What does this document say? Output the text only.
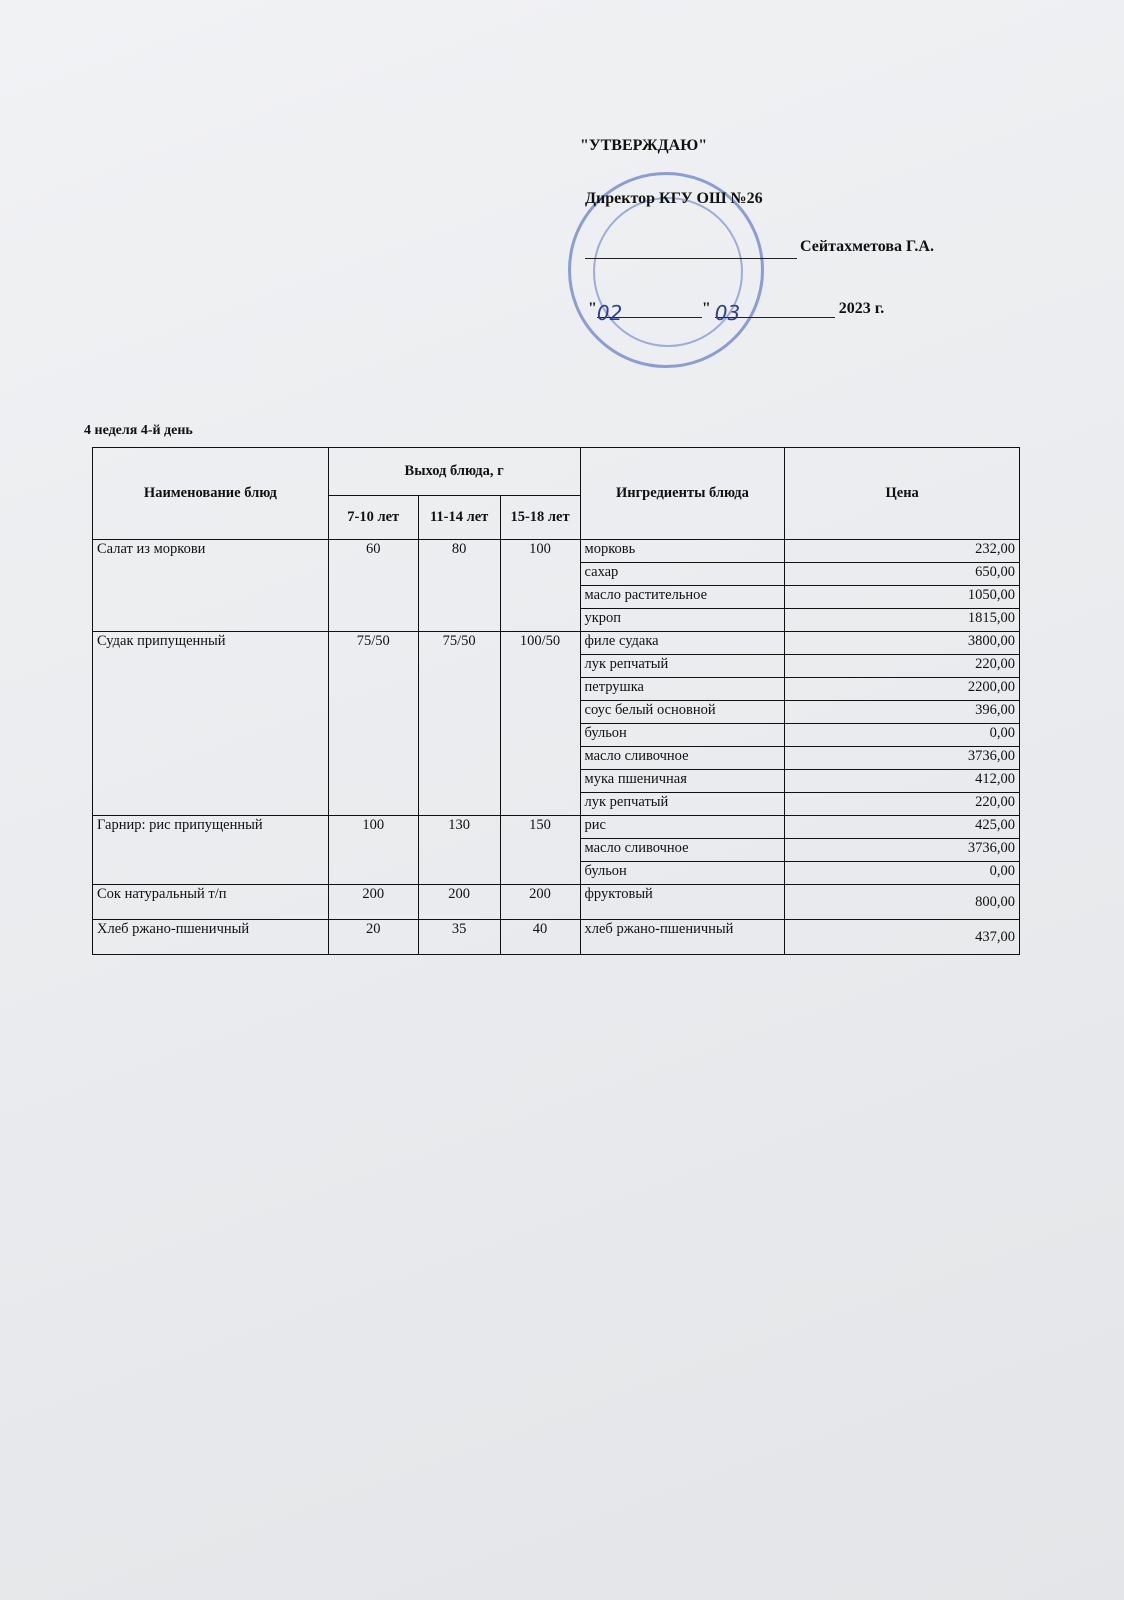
"УТВЕРЖДАЮ"
Директор КГУ ОШ №26
Сейтахметова Г.А.
"02	" 03	2023 г.
4 неделя 4-й день
Наименование блюд	Выход блюда, г			Ингредиенты блюда	Цена
	7-10 лет	11-14 лет	15-18 лет		
Салат из моркови	60	80	100	морковь	232,00
				сахар	650,00
				масло растительное	1050,00
				укроп	1815,00
Судак припущенный	75/50	75/50	100/50	филе судака	3800,00
				лук репчатый	220,00
				петрушка	2200,00
				соус белый основной	396,00
				бульон	0,00
				масло сливочное	3736,00
				мука пшеничная	412,00
				лук репчатый	220,00
Гарнир: рис припущенный	100	130	150	рис	425,00
				масло сливочное	3736,00
				бульон	0,00
Сок натуральный т/п	200	200	200	фруктовый	800,00
Хлеб ржано-пшеничный	20	35	40	хлеб ржано-пшеничный	437,00
